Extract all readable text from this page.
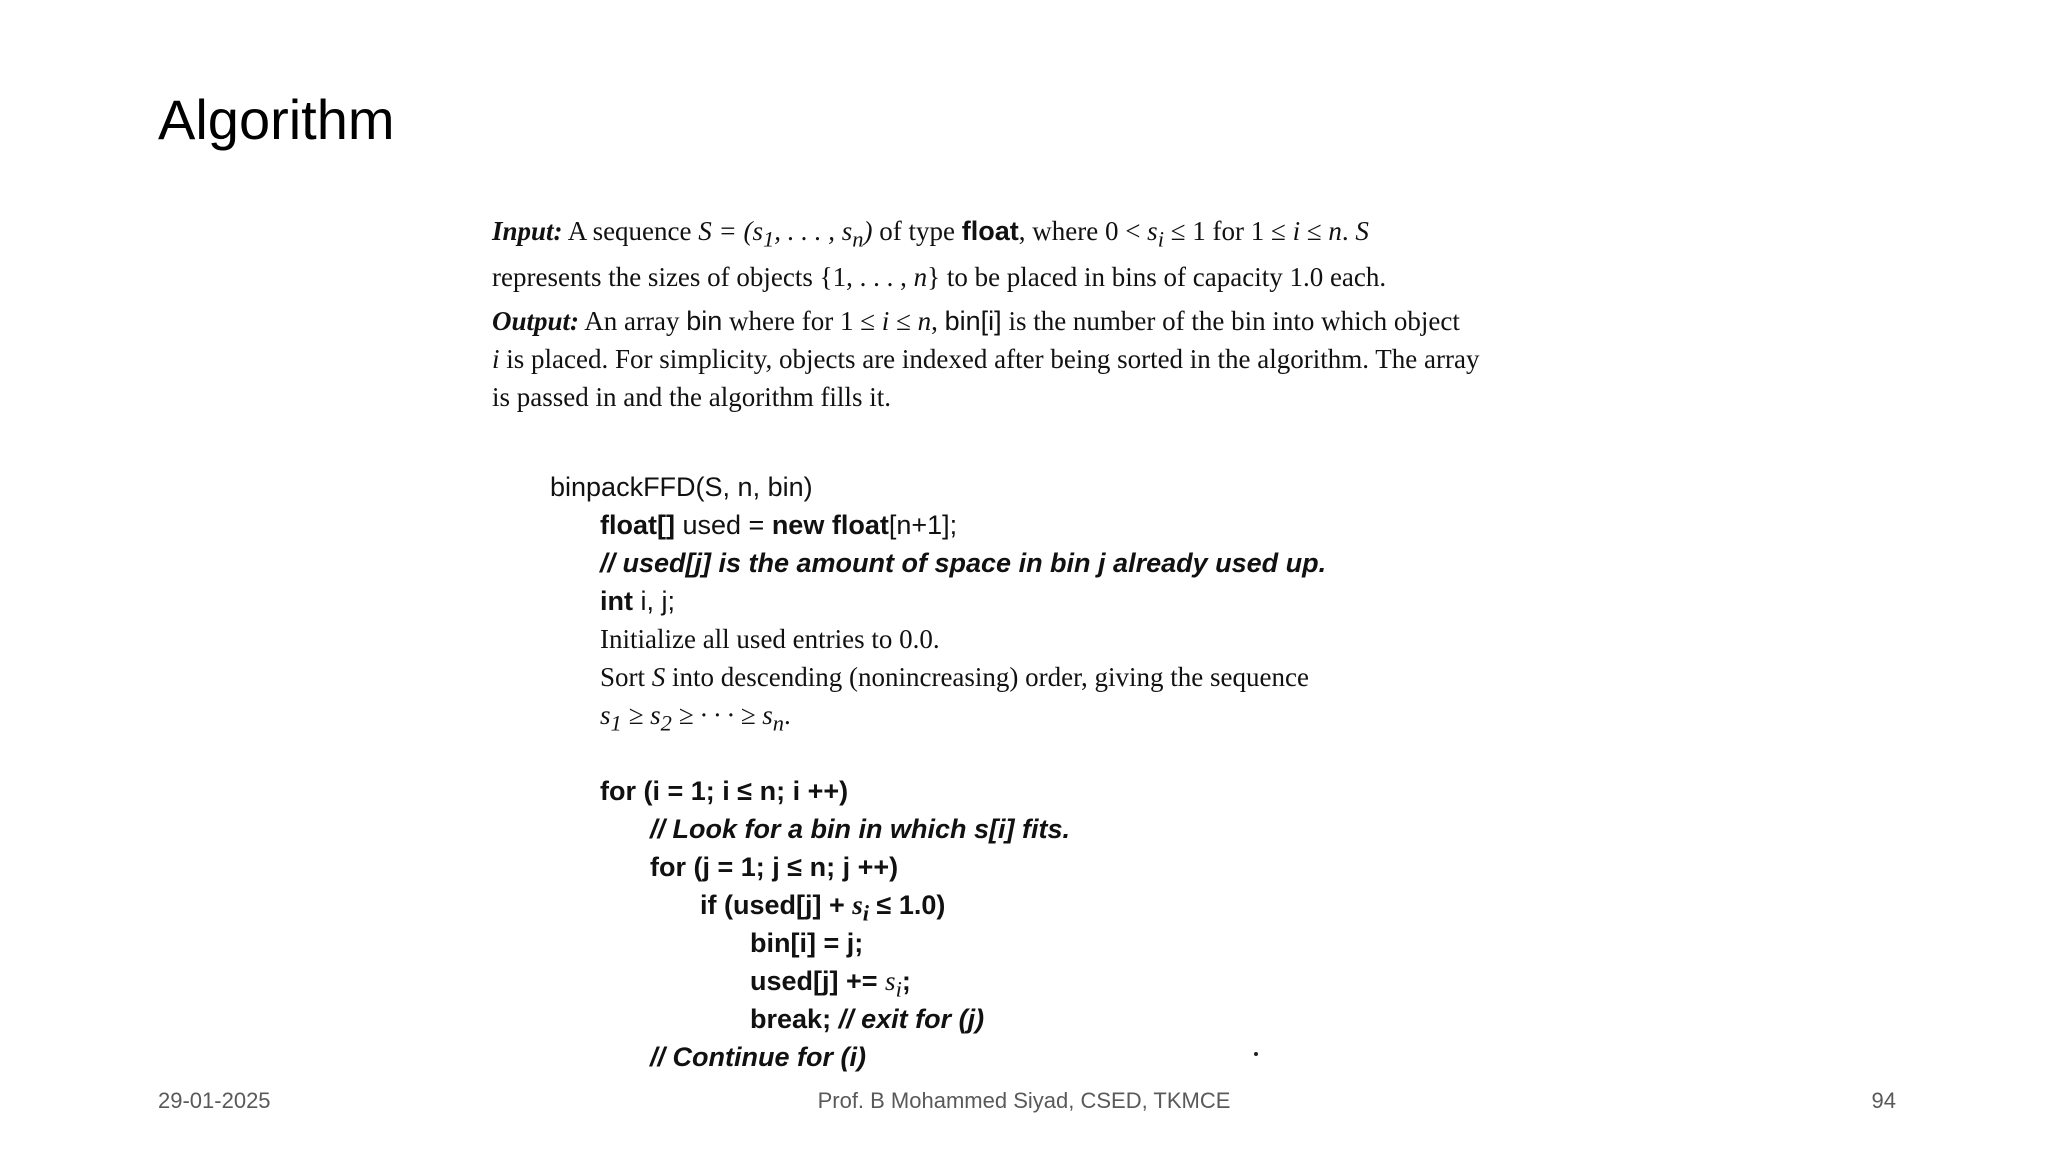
Algorithm

Input: A sequence $S = (s_1$, . . . , $s_n$) of type float, where $0 < s_i \le 1$ for 1 ≤ i ≤ n. S
represents the sizes of objects {1, . . . , n} to be placed in bins of capacity 1.0 each.

Output: An array bin where for 1 ≤ i ≤ n, bin[i] is the number of the bin into which object
i is placed. For simplicity, objects are indexed after being sorted in the algorithm. The array
is passed in and the algorithm fills it.

binpackFFD(S, n, bin)
float[] used = new float[n+1];
// used[j] is the amount of space in bin j already used up.
int i, j;
Initialize all used entries to 0.0.
Sort S into descending (nonincreasing) order, giving the sequence
$s_1 \ge s_2$ ≥ · · · ≥ $s_n$.
for (i = 1; i ≤ n; i ++)
// Look for a bin in which s[i] fits.
for (j = 1; j ≤ n; j ++)
if (used[j] + $s_i \le 1.0$)
bin[i] = j;
used[j] += $s_i$;
break; // exit for (j)
// Continue for (i)
29-01-2025	Prof. B Mohammed Siyad, CSED, TKMCE	94
